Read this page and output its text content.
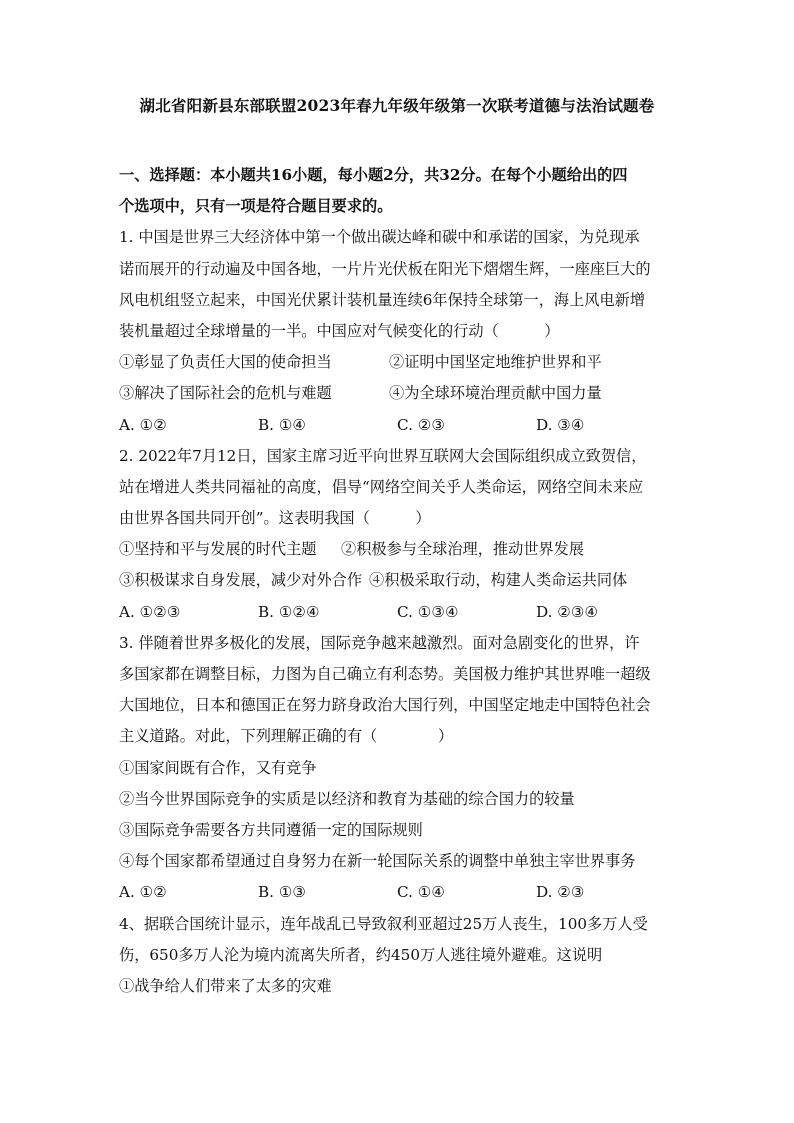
湖北省阳新县东部联盟2023年春九年级年级第一次联考道德与法治试题卷
一、选择题：本小题共16小题，每小题2分，共32分。在每个小题给出的四
个选项中，只有一项是符合题目要求的。
1. 中国是世界三大经济体中第一个做出碳达峰和碳中和承诺的国家，为兑现承
诺而展开的行动遍及中国各地，一片片光伏板在阳光下熠熠生辉，一座座巨大的
风电机组竖立起来，中国光伏累计装机量连续6年保持全球第一，海上风电新增
装机量超过全球增量的一半。中国应对气候变化的行动（　　　）
①彰显了负责任大国的使命担当	②证明中国坚定地维护世界和平
③解决了国际社会的危机与难题	④为全球环境治理贡献中国力量
A. ①②	B. ①④	C. ②③	D. ③④
2. 2022年7月12日，国家主席习近平向世界互联网大会国际组织成立致贺信，
站在增进人类共同福祉的高度，倡导“网络空间关乎人类命运，网络空间未来应
由世界各国共同开创”。这表明我国（　　　）
①坚持和平与发展的时代主题	②积极参与全球治理，推动世界发展
③积极谋求自身发展，减少对外合作 ④积极采取行动，构建人类命运共同体
A. ①②③	B. ①②④	C. ①③④	D. ②③④
3. 伴随着世界多极化的发展，国际竞争越来越激烈。面对急剧变化的世界，许
多国家都在调整目标，力图为自己确立有利态势。美国极力维护其世界唯一超级
大国地位，日本和德国正在努力跻身政治大国行列，中国坚定地走中国特色社会
主义道路。对此，下列理解正确的有（　　　　）
①国家间既有合作，又有竞争
②当今世界国际竞争的实质是以经济和教育为基础的综合国力的较量
③国际竞争需要各方共同遵循一定的国际规则
④每个国家都希望通过自身努力在新一轮国际关系的调整中单独主宰世界事务
A. ①②	B. ①③	C. ①④	D. ②③
4、据联合国统计显示，连年战乱已导致叙利亚超过25万人丧生，100多万人受
伤，650多万人沦为境内流离失所者，约450万人逃往境外避难。这说明
①战争给人们带来了太多的灾难
